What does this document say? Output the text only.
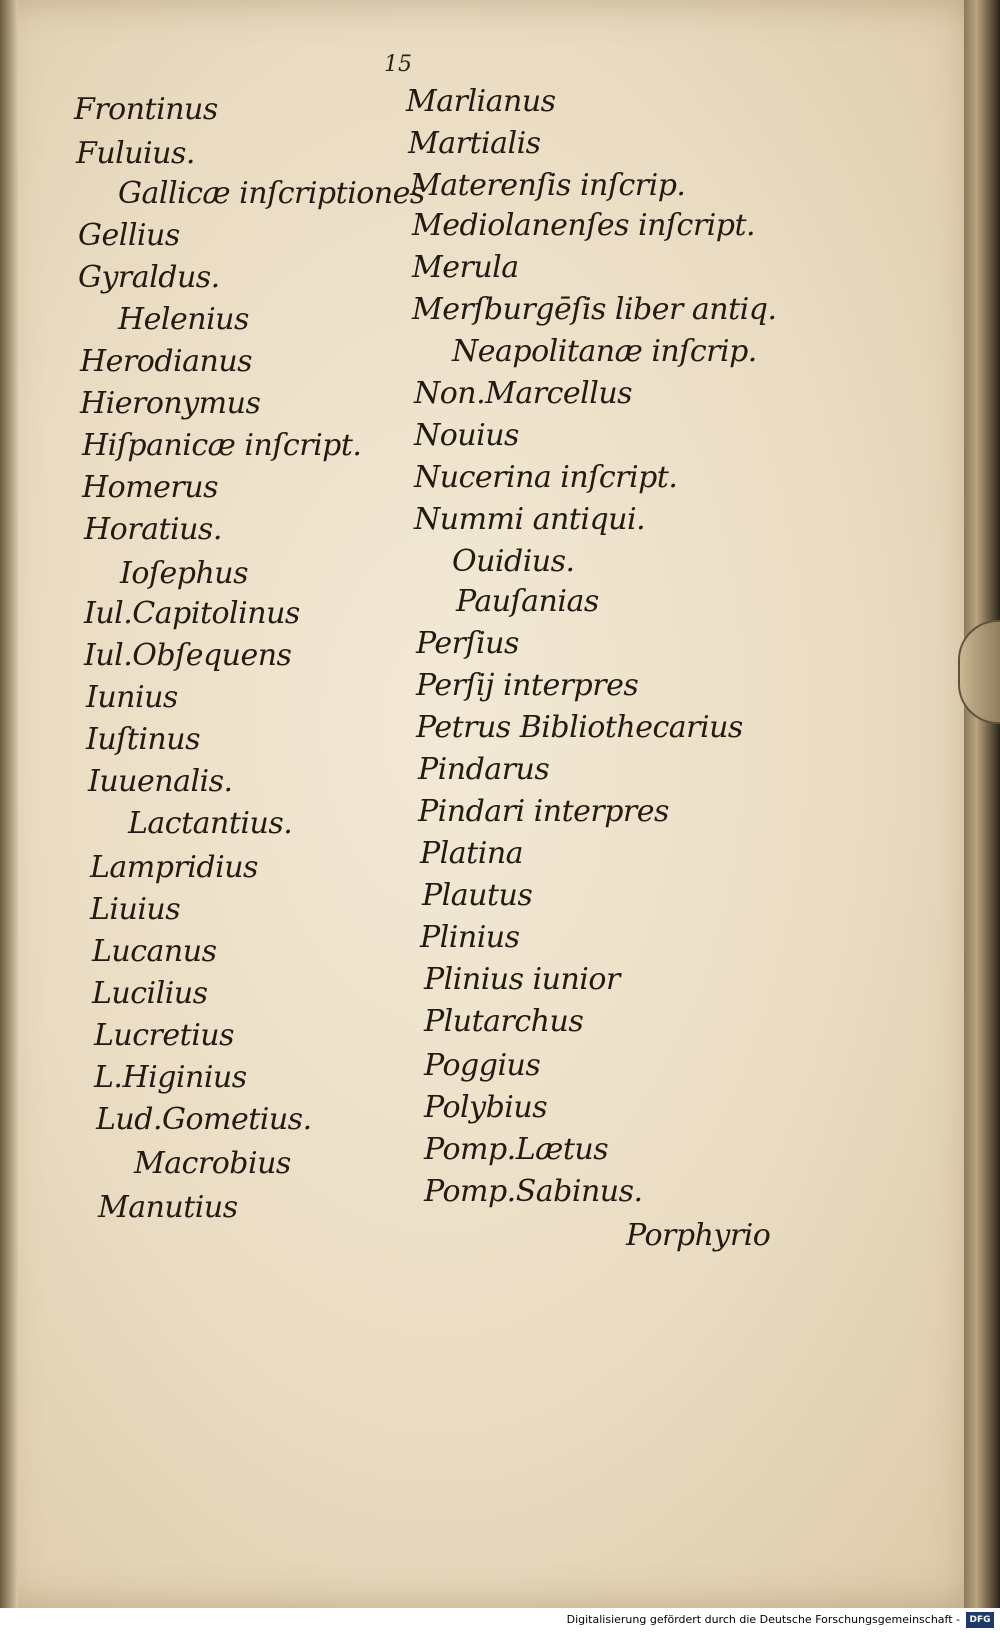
15

Frontinus

Fuluius.

Gallicæ inſcriptiones

Gellius

Gyraldus.

Helenius

Herodianus

Hieronymus

Hiſpanicæ inſcript.

Homerus

Horatius.

Ioſephus

Iul.Capitolinus

Iul.Obſequens

Iunius

Iuſtinus

Iuuenalis.

Lactantius.

Lampridius

Liuius

Lucanus

Lucilius

Lucretius

L.Higinius

Lud.Gometius.

Macrobius

Manutius

Marlianus

Martialis

Materenſis inſcrip.

Mediolanenſes inſcript.

Merula

Merſburgēſis liber antiq.

Neapolitanæ inſcrip.

Non.Marcellus

Nouius

Nucerina inſcript.

Nummi antiqui.

Ouidius.

Pauſanias

Perſius

Perſij interpres

Petrus Bibliothecarius

Pindarus

Pindari interpres

Platina

Plautus

Plinius

Plinius iunior

Plutarchus

Poggius

Polybius

Pomp.Lætus

Pomp.Sabinus.

Porphyrio

Digitalisierung gefördert durch die Deutsche Forschungsgemeinschaft -	DFG
